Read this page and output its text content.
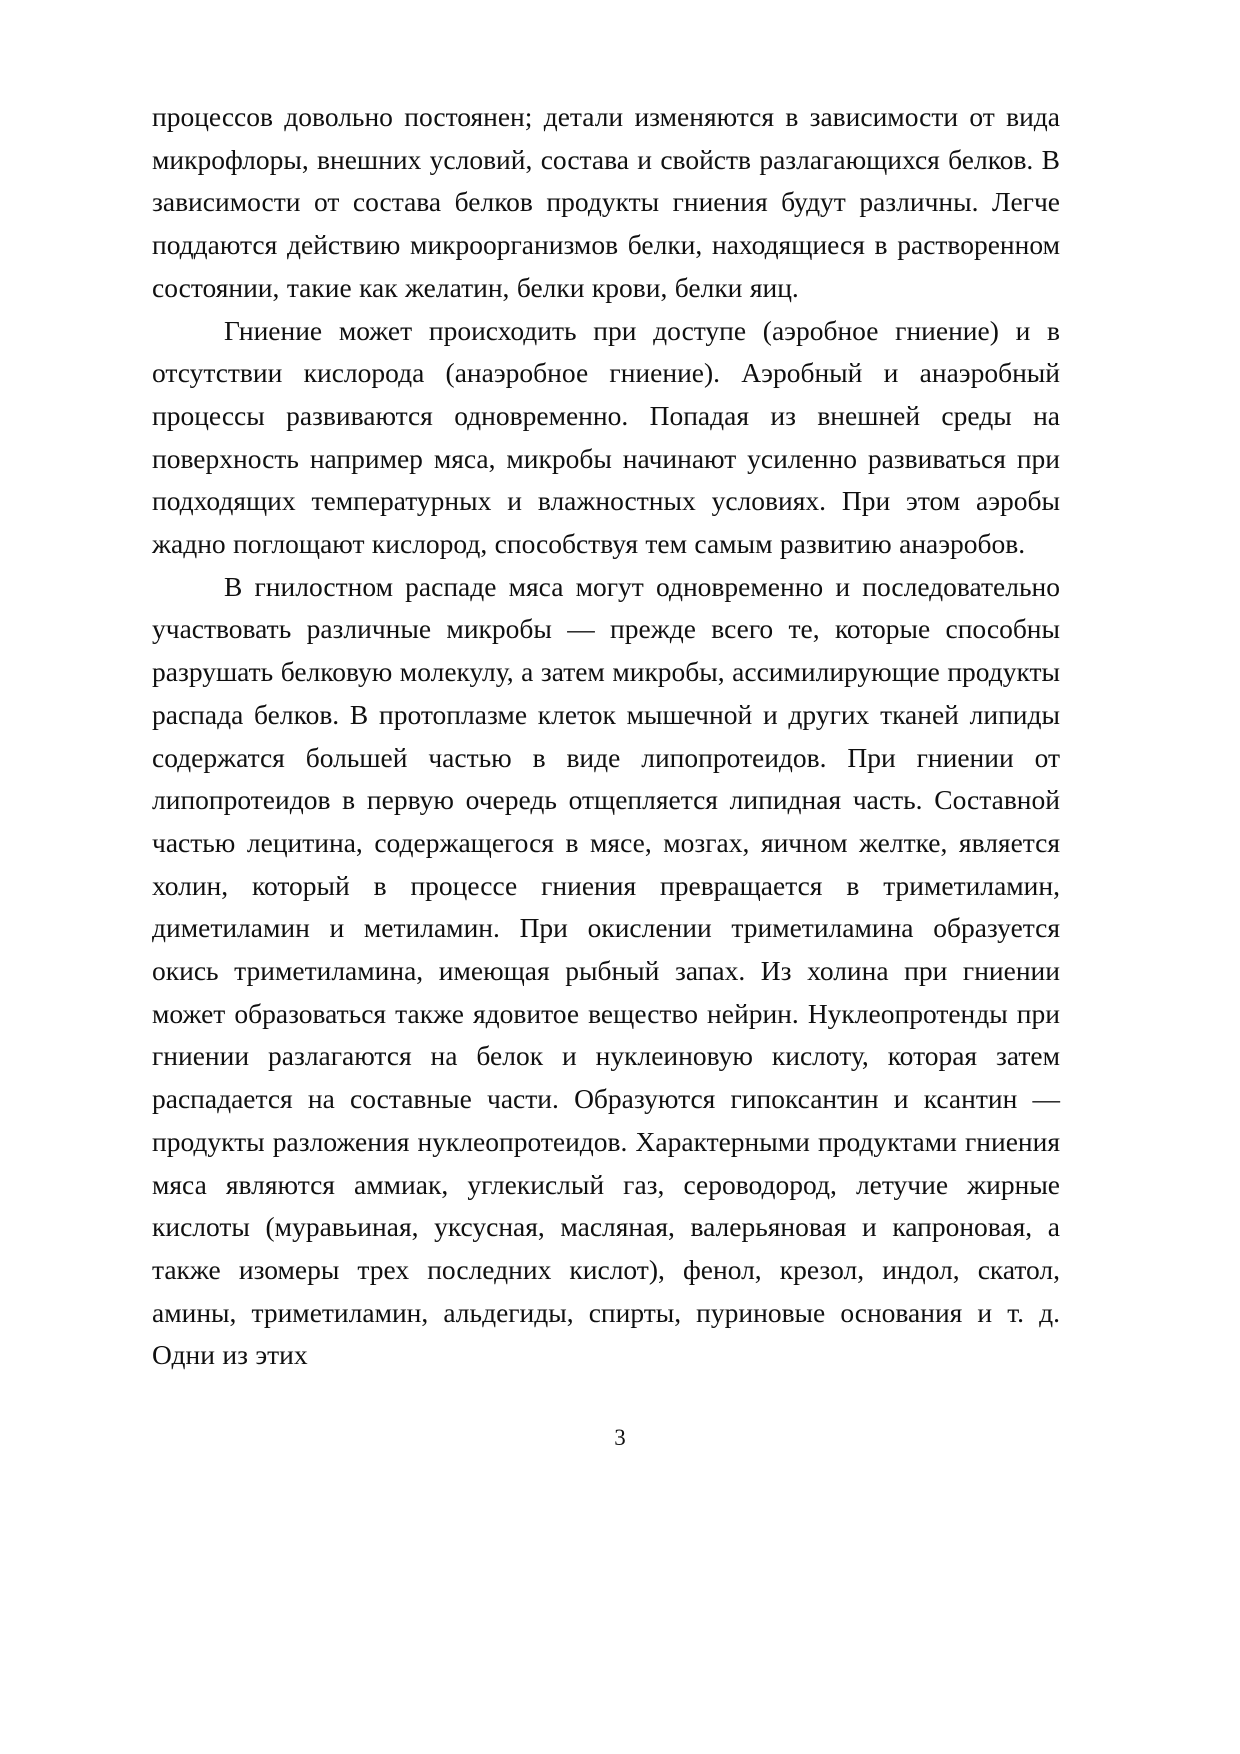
процессов довольно постоянен; детали изменяются в зависимости от вида микрофлоры, внешних условий, состава и свойств разлагающихся белков. В зависимости от состава белков продукты гниения будут различны. Легче поддаются действию микроорганизмов белки, находящиеся в растворенном состоянии, такие как желатин, белки крови, белки яиц.

Гниение может происходить при доступе (аэробное гниение) и в отсутствии кислорода (анаэробное гниение). Аэробный и анаэробный процессы развиваются одновременно. Попадая из внешней среды на поверхность например мяса, микробы начинают усиленно развиваться при подходящих температурных и влажностных условиях. При этом аэробы жадно поглощают кислород, способствуя тем самым развитию анаэробов.

В гнилостном распаде мяса могут одновременно и последовательно участвовать различные микробы — прежде всего те, которые способны разрушать белковую молекулу, а затем микробы, ассимилирующие продукты распада белков. В протоплазме клеток мышечной и других тканей липиды содержатся большей частью в виде липопротеидов. При гниении от липопротеидов в первую очередь отщепляется липидная часть. Составной частью лецитина, содержащегося в мясе, мозгах, яичном желтке, является холин, который в процессе гниения превращается в триметиламин, диметиламин и метиламин. При окислении триметиламина образуется окись триметиламина, имеющая рыбный запах. Из холина при гниении может образоваться также ядовитое вещество нейрин. Нуклеопротенды при гниении разлагаются на белок и нуклеиновую кислоту, которая затем распадается на составные части. Образуются гипоксантин и ксантин — продукты разложения нуклеопротеидов. Характерными продуктами гниения мяса являются аммиак, углекислый газ, сероводород, летучие жирные кислоты (муравьиная, уксусная, масляная, валерьяновая и капроновая, а также изомеры трех последних кислот), фенол, крезол, индол, скатол, амины, триметиламин, альдегиды, спирты, пуриновые основания и т. д. Одни из этих

3
